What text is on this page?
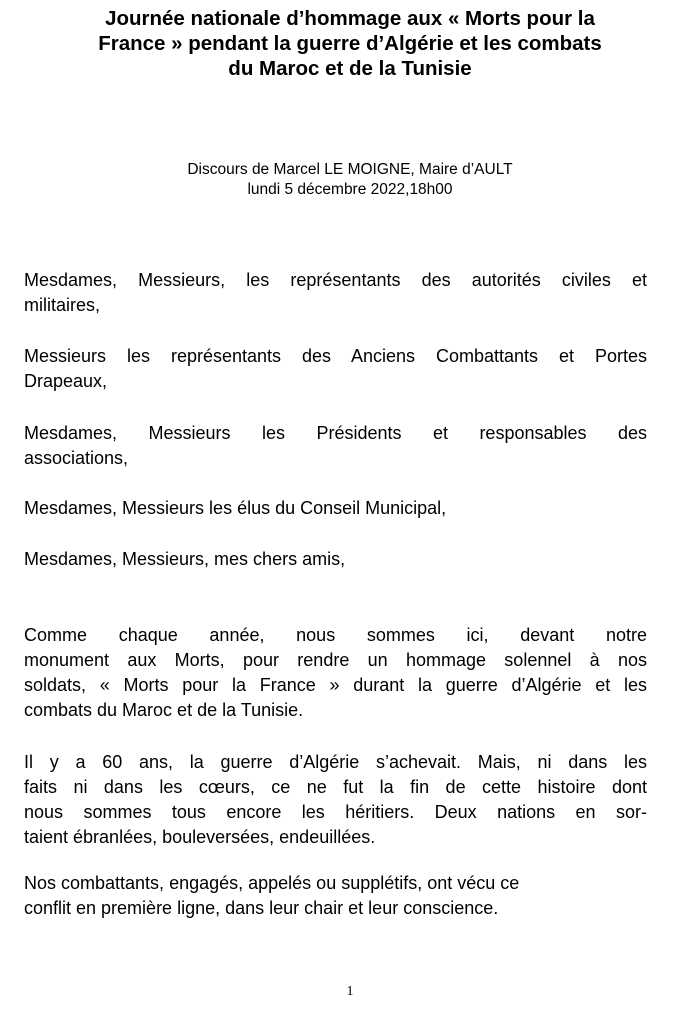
Journée nationale d’hommage aux « Morts pour la
France » pendant la guerre d’Algérie et les combats
du Maroc et de la Tunisie
Discours de Marcel LE MOIGNE, Maire d’AULT
lundi 5 décembre 2022,18h00
Mesdames, Messieurs, les représentants des autorités civiles et
militaires,
Messieurs les représentants des Anciens Combattants et Portes
Drapeaux,
Mesdames, Messieurs les Présidents et responsables des
associations,
Mesdames, Messieurs les élus du Conseil Municipal,
Mesdames, Messieurs, mes chers amis,
Comme chaque année, nous sommes ici, devant notre
monument aux Morts, pour rendre un hommage solennel à nos
soldats, « Morts pour la France » durant la guerre d’Algérie et les
combats du Maroc et de la Tunisie.
Il y a 60 ans, la guerre d’Algérie s’achevait. Mais, ni dans les
faits ni dans les cœurs, ce ne fut la fin de cette histoire dont
nous sommes tous encore les héritiers. Deux nations en sor-
taient ébranlées, bouleversées, endeuillées.
Nos combattants, engagés, appelés ou supplétifs, ont vécu ce
conflit en première ligne, dans leur chair et leur conscience.
1
